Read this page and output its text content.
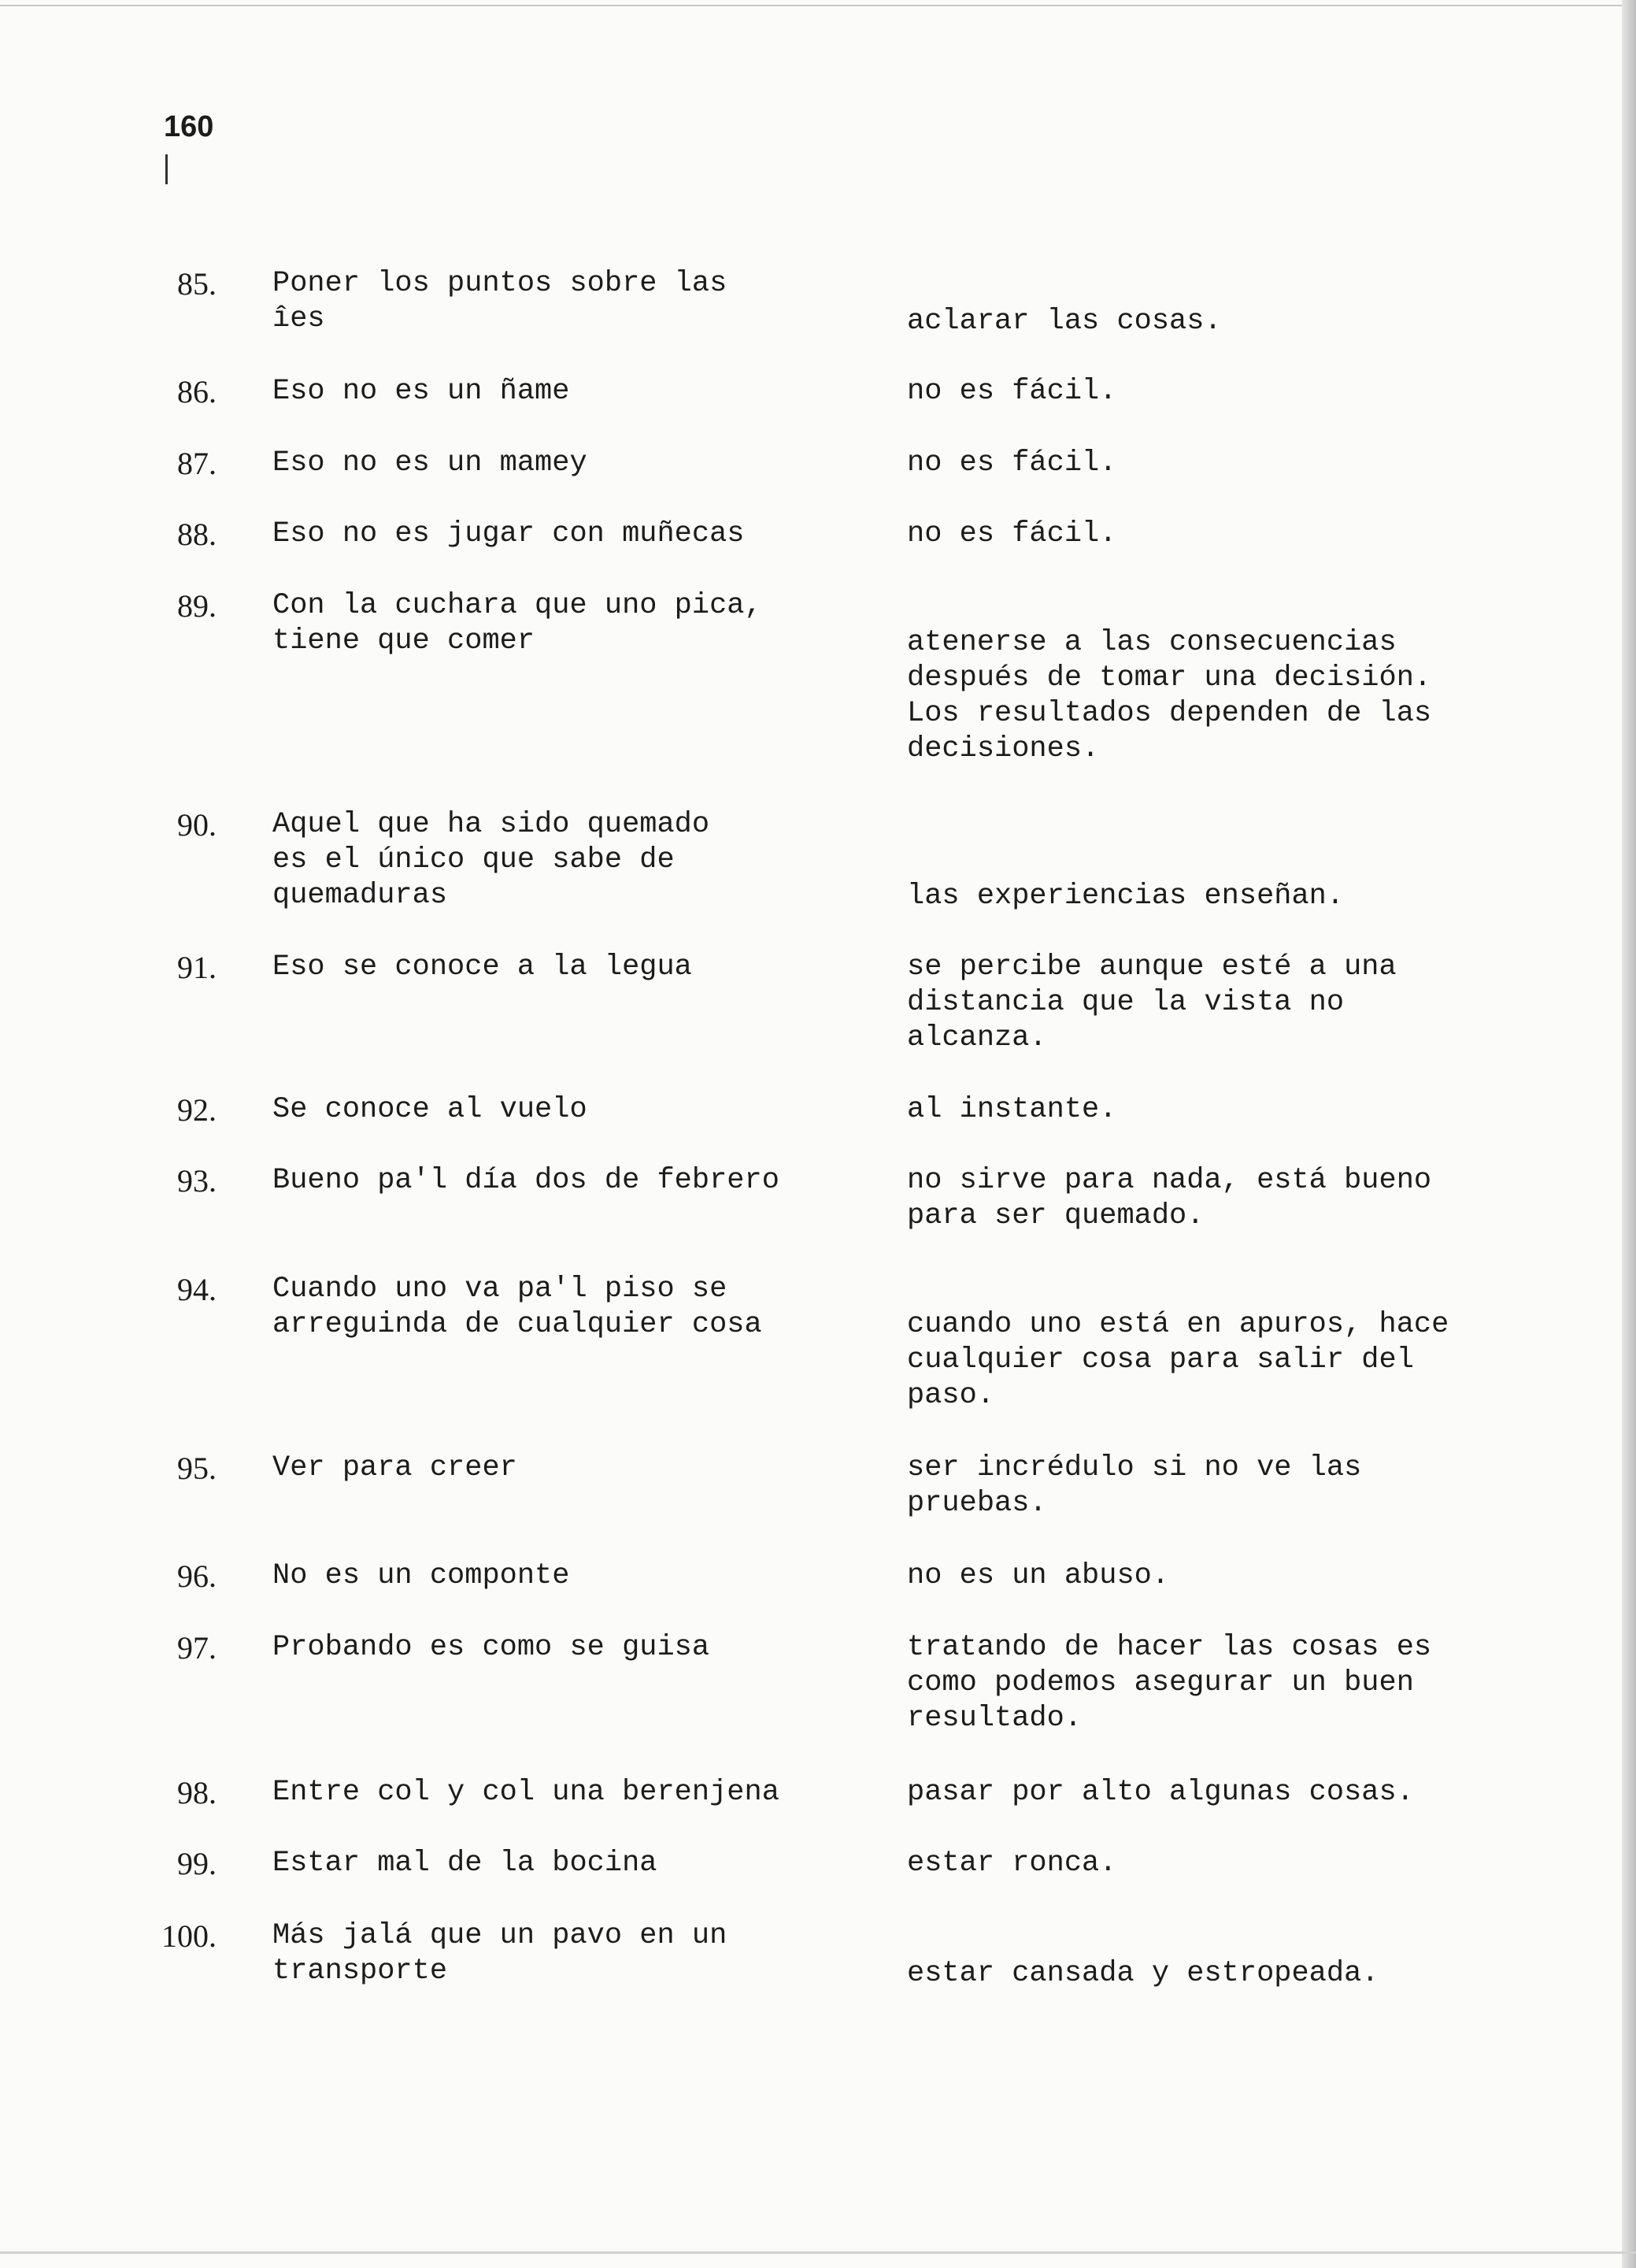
160
85. Poner los puntos sobre las
îes	aclarar las cosas.
86. Eso no es un ñame	no es fácil.
87. Eso no es un mamey	no es fácil.
88. Eso no es jugar con muñecas	no es fácil.
89. Con la cuchara que uno pica,
tiene que comer	atenerse a las consecuencias
después de tomar una decisión.
Los resultados dependen de las
decisiones.
90. Aquel que ha sido quemado
es el único que sabe de
quemaduras	las experiencias enseñan.
91. Eso se conoce a la legua	se percibe aunque esté a una
distancia que la vista no
alcanza.
92. Se conoce al vuelo	al instante.
93. Bueno pa'l día dos de febrero	no sirve para nada, está bueno
para ser quemado.
94. Cuando uno va pa'l piso se
arreguinda de cualquier cosa	cuando uno está en apuros, hace
cualquier cosa para salir del
paso.
95. Ver para creer	ser incrédulo si no ve las
pruebas.
96. No es un componte	no es un abuso.
97. Probando es como se guisa	tratando de hacer las cosas es
como podemos asegurar un buen
resultado.
98. Entre col y col una berenjena	pasar por alto algunas cosas.
99. Estar mal de la bocina	estar ronca.
100. Más jalá que un pavo en un
transporte	estar cansada y estropeada.
